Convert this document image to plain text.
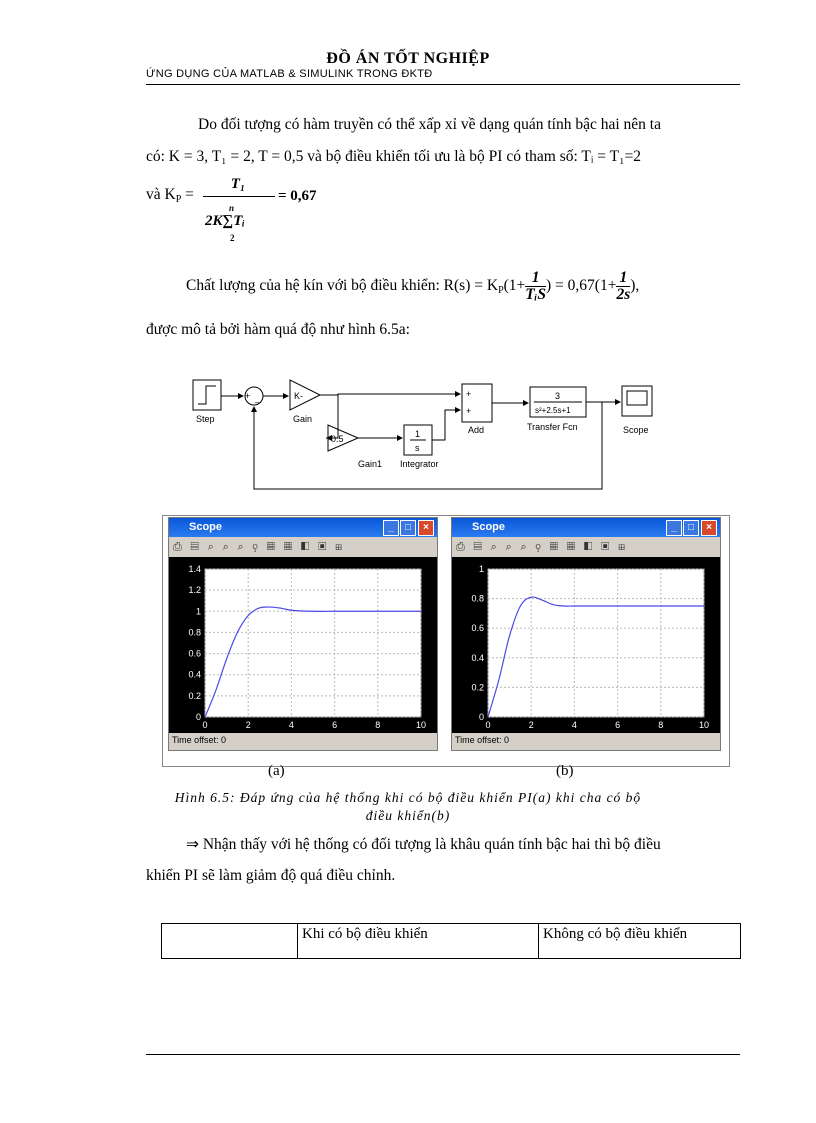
ĐỒ ÁN TỐT NGHIỆP
ỨNG DỤNG CỦA MATLAB & SIMULINK TRONG ĐKTĐ
Do đối tượng có hàm truyền có thể xấp xỉ về dạng quán tính bậc hai nên ta
có: K = 3, T₁ = 2, T = 0,5 và bộ điều khiển tối ưu là bộ PI có tham số: Tᵢ = T₁=2
và $K_P$ =
T₁
n
2K∑Tᵢ
2
= 0,67
Chất lượng của hệ kín với bộ điều khiển: $R(s) = K_P(1+ \frac{1}{\text{TᵢS}}$ ) = $0,67(1+ \frac{1}{2s}$ ),
được mô tả bởi hàm quá độ như hình 6.5a:
Step
+ _	K-
Gain
0.5
Gain1
1
s
Integrator
+
+
Add
3
s²+2.5s+1
Transfer Fcn	Scope
Scope	_	□	×
⎙ ▤ ⌕ ⌕ ⌕ ⚲ ▦ ▦ ◧ ▣ ⊞
0	2	4	6	8	10
0
0.2
0.4
0.6
0.8
1
1.2
1.4
Time offset: 0
Scope	_	□	×
⎙ ▤ ⌕ ⌕ ⌕ ⚲ ▦ ▦ ◧ ▣ ⊞
0	2	4	6	8	10
0
0.2
0.4
0.6
0.8
1
Time offset: 0
(a)	(b)
Hình 6.5: Đáp ứng của hệ thống khi có bộ điều khiển PI(a) khi cha có bộ
điều khiển(b)
⇒ Nhận thấy với hệ thống có đối tượng là khâu quán tính bậc hai thì bộ điều
khiển PI sẽ làm giảm độ quá điều chỉnh.
	Khi có bộ điều khiển	Không có bộ điều khiển
